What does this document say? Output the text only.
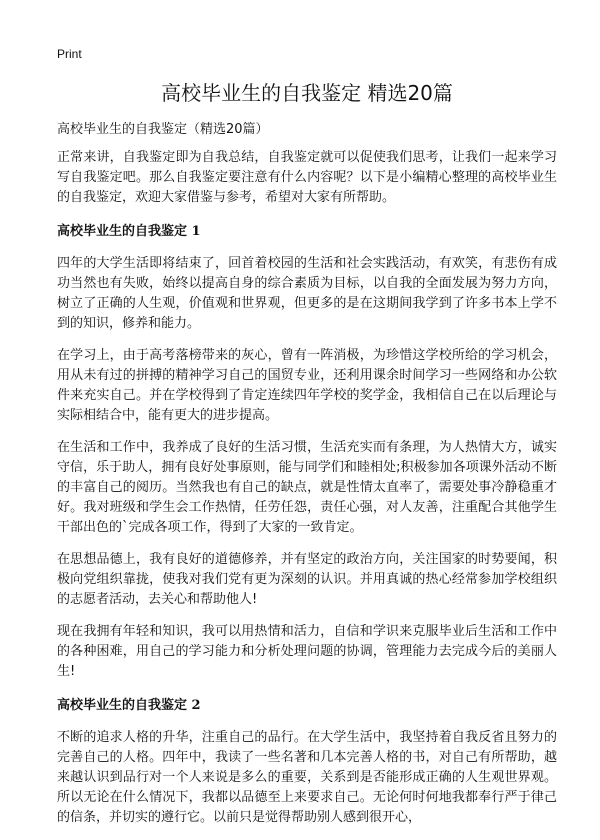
Print
高校毕业生的自我鉴定 精选20篇

高校毕业生的自我鉴定（精选20篇）

正常来讲，自我鉴定即为自我总结，自我鉴定就可以促使我们思考，让我们一起来学习写自我鉴定吧。那么自我鉴定要注意有什么内容呢？以下是小编精心整理的高校毕业生的自我鉴定，欢迎大家借鉴与参考，希望对大家有所帮助。

高校毕业生的自我鉴定 1

四年的大学生活即将结束了，回首着校园的生活和社会实践活动，有欢笑，有悲伤有成功当然也有失败，始终以提高自身的综合素质为目标，以自我的全面发展为努力方向，树立了正确的人生观，价值观和世界观，但更多的是在这期间我学到了许多书本上学不到的知识，修养和能力。

在学习上，由于高考落榜带来的灰心，曾有一阵消极，为珍惜这学校所给的学习机会，用从未有过的拼搏的精神学习自己的国贸专业，还利用课余时间学习一些网络和办公软件来充实自己。并在学校得到了肯定连续四年学校的奖学金，我相信自己在以后理论与实际相结合中，能有更大的进步提高。

在生活和工作中，我养成了良好的生活习惯，生活充实而有条理，为人热情大方，诚实守信，乐于助人，拥有良好处事原则，能与同学们和睦相处;积极参加各项课外活动不断的丰富自己的阅历。当然我也有自己的缺点，就是性情太直率了，需要处事冷静稳重才好。我对班级和学生会工作热情，任劳任怨，责任心强，对人友善，注重配合其他学生干部出色的`完成各项工作，得到了大家的一致肯定。

在思想品德上，我有良好的道德修养，并有坚定的政治方向，关注国家的时势要闻，积极向党组织靠拢，使我对我们党有更为深刻的认识。并用真诚的热心经常参加学校组织的志愿者活动，去关心和帮助他人!

现在我拥有年轻和知识，我可以用热情和活力，自信和学识来克服毕业后生活和工作中的各种困难，用自己的学习能力和分析处理问题的协调，管理能力去完成今后的美丽人生!

高校毕业生的自我鉴定 2

不断的追求人格的升华，注重自己的品行。在大学生活中，我坚持着自我反省且努力的完善自己的人格。四年中，我读了一些名著和几本完善人格的书，对自己有所帮助，越来越认识到品行对一个人来说是多么的重要，关系到是否能形成正确的人生观世界观。所以无论在什么情况下，我都以品德至上来要求自己。无论何时何地我都奉行严于律己的信条，并切实的遵行它。以前只是觉得帮助别人感到很开心，
